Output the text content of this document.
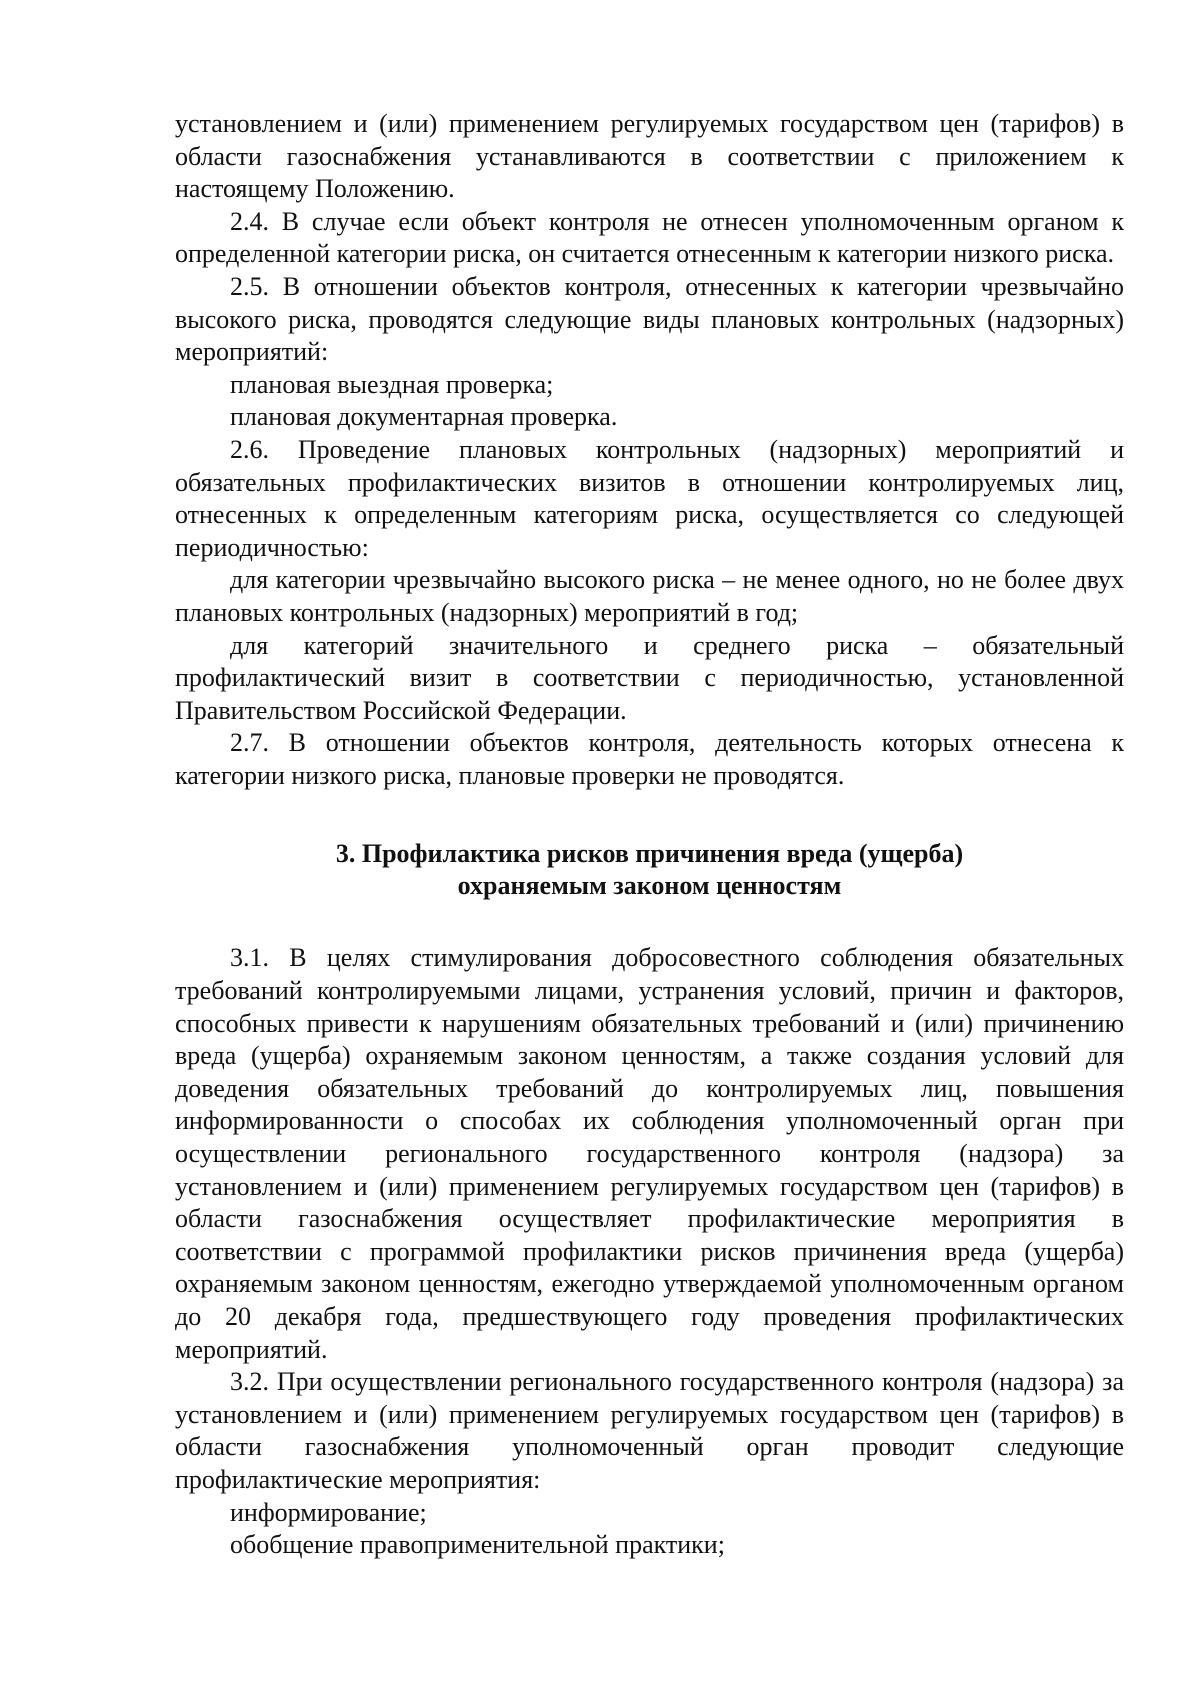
установлением и (или) применением регулируемых государством цен (тарифов) в области газоснабжения устанавливаются в соответствии с приложением к настоящему Положению.

2.4. В случае если объект контроля не отнесен уполномоченным органом к определенной категории риска, он считается отнесенным к категории низкого риска.

2.5. В отношении объектов контроля, отнесенных к категории чрезвычайно высокого риска, проводятся следующие виды плановых контрольных (надзорных) мероприятий:

плановая выездная проверка;

плановая документарная проверка.

2.6. Проведение плановых контрольных (надзорных) мероприятий и обязательных профилактических визитов в отношении контролируемых лиц, отнесенных к определенным категориям риска, осуществляется со следующей периодичностью:

для категории чрезвычайно высокого риска – не менее одного, но не более двух плановых контрольных (надзорных) мероприятий в год;

для категорий значительного и среднего риска – обязательный профилактический визит в соответствии с периодичностью, установленной Правительством Российской Федерации.

2.7. В отношении объектов контроля, деятельность которых отнесена к категории низкого риска, плановые проверки не проводятся.

3. Профилактика рисков причинения вреда (ущерба)
охраняемым законом ценностям

3.1. В целях стимулирования добросовестного соблюдения обязательных требований контролируемыми лицами, устранения условий, причин и факторов, способных привести к нарушениям обязательных требований и (или) причинению вреда (ущерба) охраняемым законом ценностям, а также создания условий для доведения обязательных требований до контролируемых лиц, повышения информированности о способах их соблюдения уполномоченный орган при осуществлении регионального государственного контроля (надзора) за установлением и (или) применением регулируемых государством цен (тарифов) в области газоснабжения осуществляет профилактические мероприятия в соответствии с программой профилактики рисков причинения вреда (ущерба) охраняемым законом ценностям, ежегодно утверждаемой уполномоченным органом до 20 декабря года, предшествующего году проведения профилактических мероприятий.

3.2. При осуществлении регионального государственного контроля (надзора) за установлением и (или) применением регулируемых государством цен (тарифов) в области газоснабжения уполномоченный орган проводит следующие профилактические мероприятия:

информирование;

обобщение правоприменительной практики;
